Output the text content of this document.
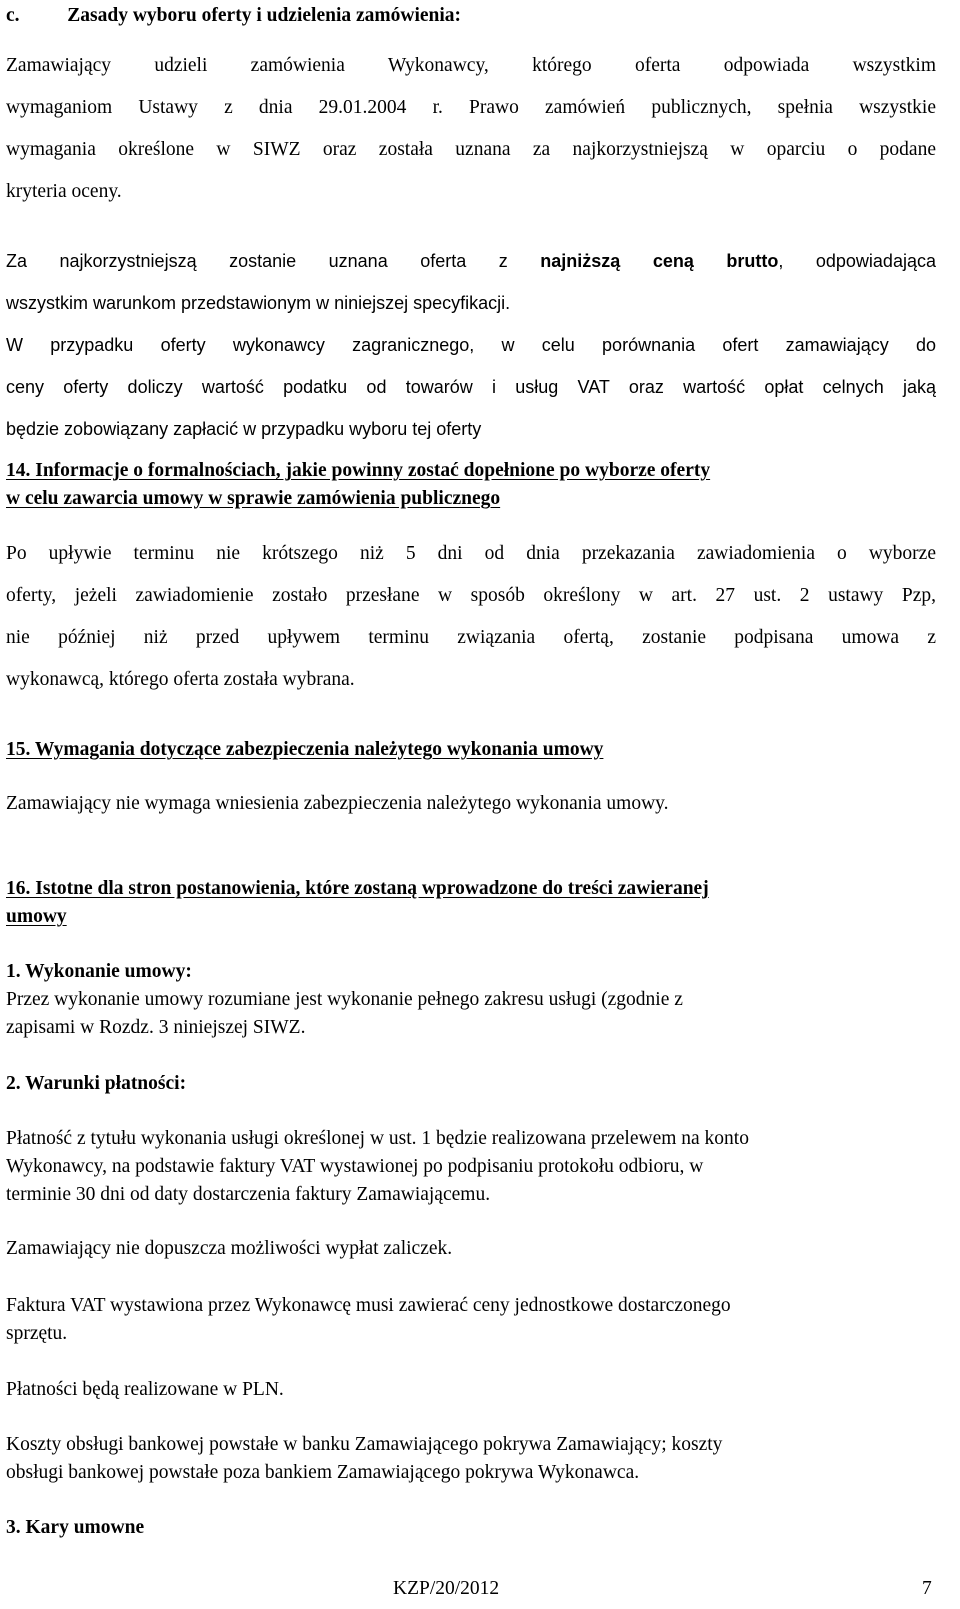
c. Zasady wyboru oferty i udzielenia zamówienia:
Zamawiający udzieli zamówienia Wykonawcy, którego oferta odpowiada wszystkim
wymaganiom Ustawy z dnia 29.01.2004 r. Prawo zamówień publicznych, spełnia wszystkie
wymagania określone w SIWZ oraz została uznana za najkorzystniejszą w oparciu o podane
kryteria oceny.
Za najkorzystniejszą zostanie uznana oferta z najniższą ceną brutto, odpowiadająca
wszystkim warunkom przedstawionym w niniejszej specyfikacji.
W przypadku oferty wykonawcy zagranicznego, w celu porównania ofert zamawiający do
ceny oferty doliczy wartość podatku od towarów i usług VAT oraz wartość opłat celnych jaką
będzie zobowiązany zapłacić w przypadku wyboru tej oferty
14. Informacje o formalnościach, jakie powinny zostać dopełnione po wyborze oferty
w celu zawarcia umowy w sprawie zamówienia publicznego
Po upływie terminu nie krótszego niż 5 dni od dnia przekazania zawiadomienia o wyborze
oferty, jeżeli zawiadomienie zostało przesłane w sposób określony w art. 27 ust. 2 ustawy Pzp,
nie później niż przed upływem terminu związania ofertą, zostanie podpisana umowa z
wykonawcą, którego oferta została wybrana.
15. Wymagania dotyczące zabezpieczenia należytego wykonania umowy
Zamawiający nie wymaga wniesienia zabezpieczenia należytego wykonania umowy.
16. Istotne dla stron postanowienia, które zostaną wprowadzone do treści zawieranej
umowy
1. Wykonanie umowy:
Przez wykonanie umowy rozumiane jest wykonanie pełnego zakresu usługi (zgodnie z
zapisami w Rozdz. 3 niniejszej SIWZ.
2. Warunki płatności:
Płatność z tytułu wykonania usługi określonej w ust. 1 będzie realizowana przelewem na konto
Wykonawcy, na podstawie faktury VAT wystawionej po podpisaniu protokołu odbioru, w
terminie 30 dni od daty dostarczenia faktury Zamawiającemu.
Zamawiający nie dopuszcza możliwości wypłat zaliczek.
Faktura VAT wystawiona przez Wykonawcę musi zawierać ceny jednostkowe dostarczonego
sprzętu.
Płatności będą realizowane w PLN.
Koszty obsługi bankowej powstałe w banku Zamawiającego pokrywa Zamawiający; koszty
obsługi bankowej powstałe poza bankiem Zamawiającego pokrywa Wykonawca.
3. Kary umowne
KZP/20/2012	7
